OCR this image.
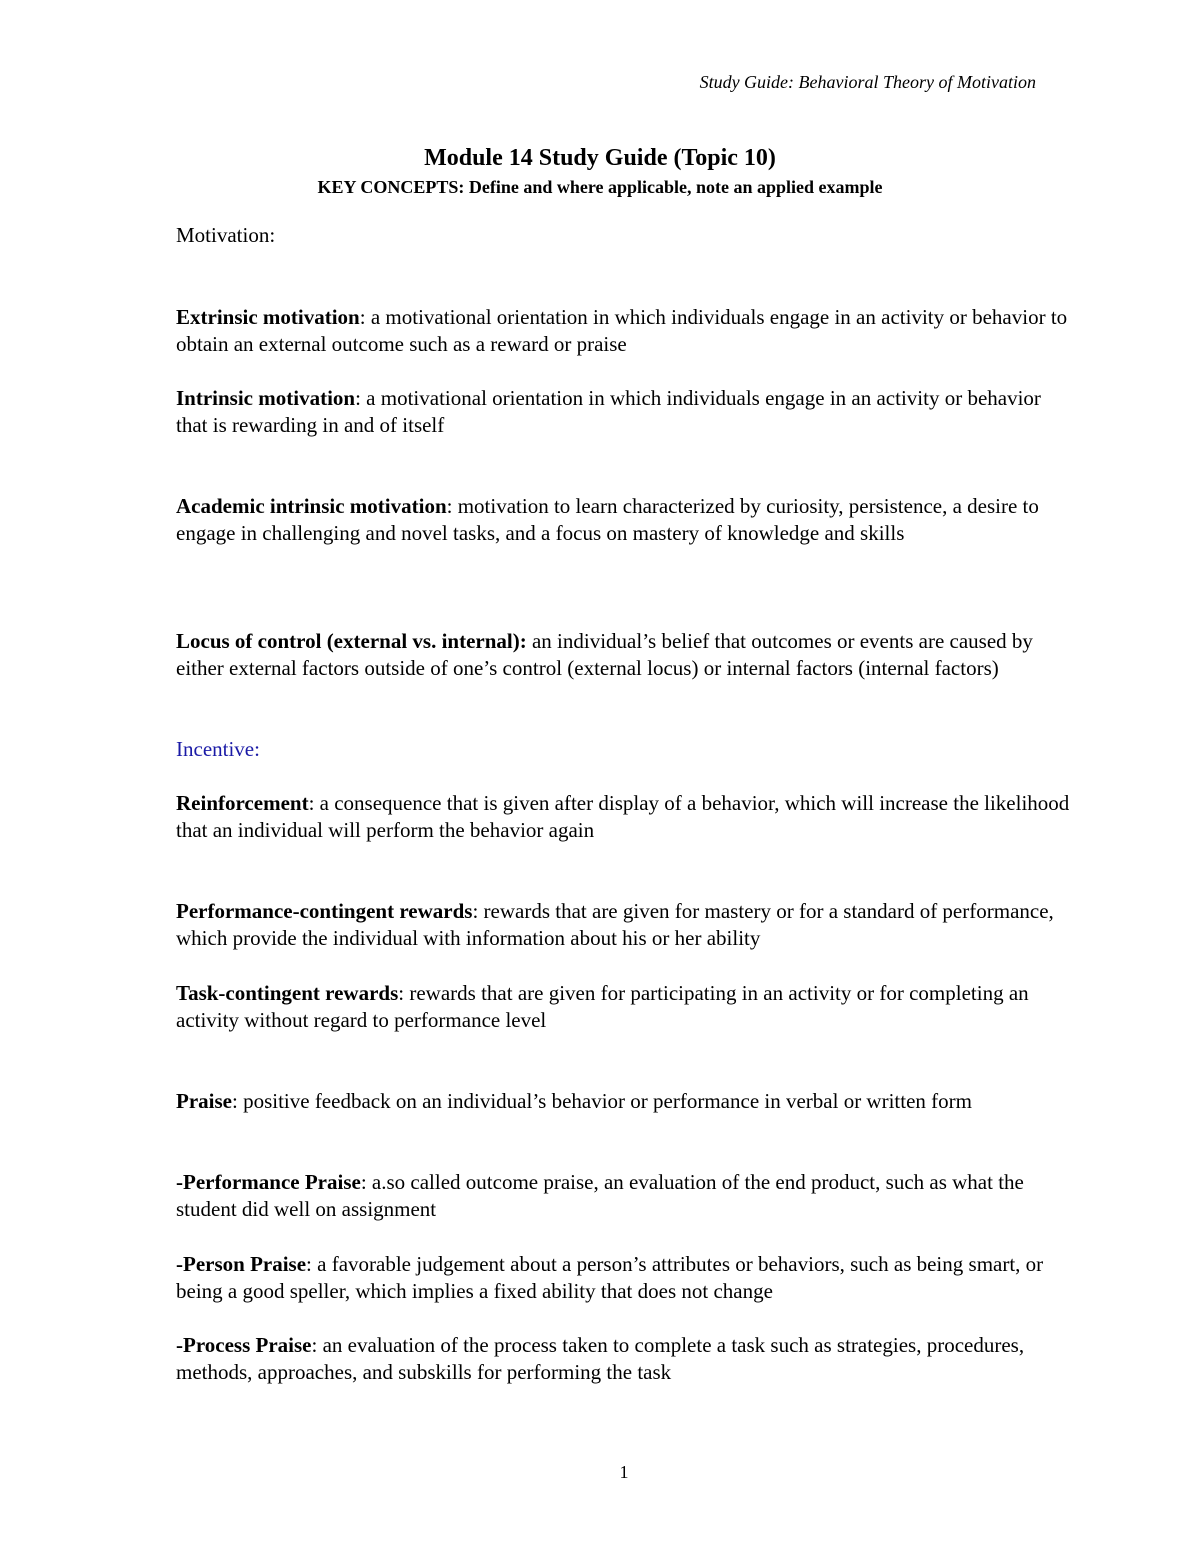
Study Guide: Behavioral Theory of Motivation
Module 14 Study Guide (Topic 10)
KEY CONCEPTS: Define and where applicable, note an applied example
Motivation:
Extrinsic motivation: a motivational orientation in which individuals engage in an activity or behavior to obtain an external outcome such as a reward or praise
Intrinsic motivation: a motivational orientation in which individuals engage in an activity or behavior that is rewarding in and of itself
Academic intrinsic motivation: motivation to learn characterized by curiosity, persistence, a desire to engage in challenging and novel tasks, and a focus on mastery of knowledge and skills
Locus of control (external vs. internal): an individual’s belief that outcomes or events are caused by either external factors outside of one’s control (external locus) or internal factors (internal factors)
Incentive:
Reinforcement: a consequence that is given after display of a behavior, which will increase the likelihood that an individual will perform the behavior again
Performance-contingent rewards: rewards that are given for mastery or for a standard of performance, which provide the individual with information about his or her ability
Task-contingent rewards: rewards that are given for participating in an activity or for completing an activity without regard to performance level
Praise: positive feedback on an individual’s behavior or performance in verbal or written form
-Performance Praise: a.so called outcome praise, an evaluation of the end product, such as what the student did well on assignment
-Person Praise: a favorable judgement about a person’s attributes or behaviors, such as being smart, or being a good speller, which implies a fixed ability that does not change
-Process Praise: an evaluation of the process taken to complete a task such as strategies, procedures, methods, approaches, and subskills for performing the task
1
